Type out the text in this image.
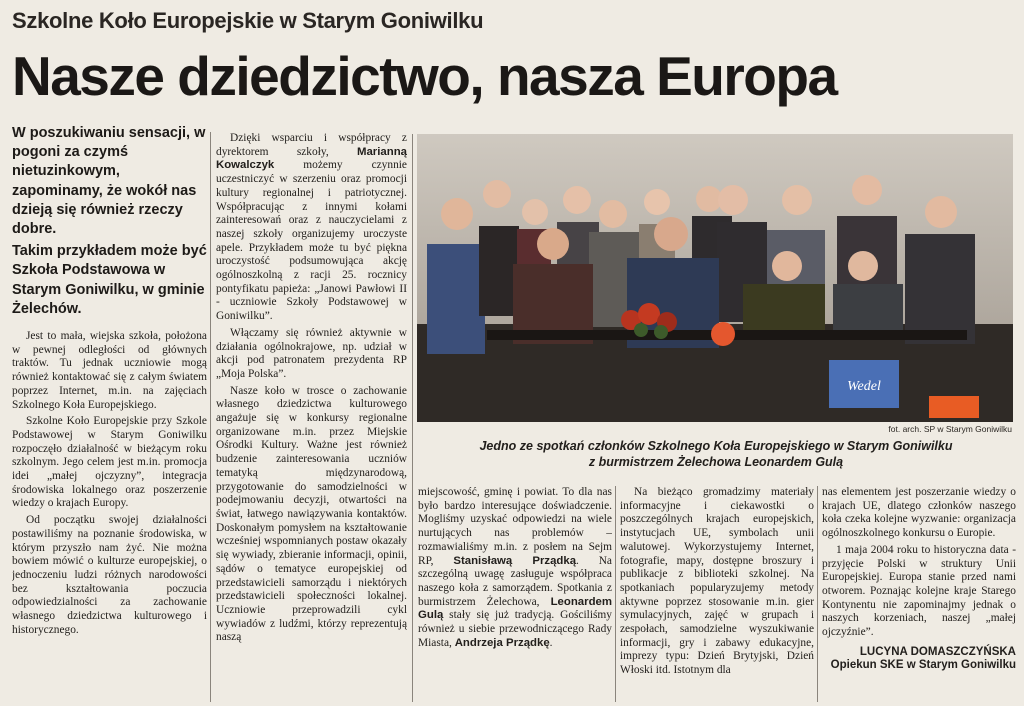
Szkolne Koło Europejskie w Starym Goniwilku
Nasze dziedzictwo, nasza Europa

W poszukiwaniu sensacji, w pogoni za czymś nietuzinkowym, zapominamy, że wokół nas dzieją się również rzeczy dobre.

Takim przykładem może być Szkoła Podstawowa w Starym Goniwilku, w gminie Żelechów.

Jest to mała, wiejska szkoła, położona w pewnej odległości od głównych traktów. Tu jednak uczniowie mogą również kontaktować się z całym światem poprzez Internet, m.in. na zajęciach Szkolnego Koła Europejskiego.

Szkolne Koło Europejskie przy Szkole Podstawowej w Starym Goniwilku rozpoczęło działalność w bieżącym roku szkolnym. Jego celem jest m.in. promocja idei „małej ojczyzny”, integracja środowiska lokalnego oraz poszerzenie wiedzy o krajach Europy.

Od początku swojej działalności postawiliśmy na poznanie środowiska, w którym przyszło nam żyć. Nie można bowiem mówić o kulturze europejskiej, o jednoczeniu ludzi różnych narodowości bez kształtowania poczucia odpowiedzialności za zachowanie własnego dziedzictwa kulturowego i historycznego.

Dzięki wsparciu i współpracy z dyrektorem szkoły, Marianną Kowalczyk możemy czynnie uczestniczyć w szerzeniu oraz promocji kultury regionalnej i patriotycznej. Współpracując z innymi kołami zainteresowań oraz z nauczycielami z naszej szkoły organizujemy uroczyste apele. Przykładem może tu być piękna uroczystość podsumowująca akcję ogólnoszkolną z racji 25. rocznicy pontyfikatu papieża: „Janowi Pawłowi II - uczniowie Szkoły Podstawowej w Goniwilku”.

Włączamy się również aktywnie w działania ogólnokrajowe, np. udział w akcji pod patronatem prezydenta RP „Moja Polska”.

Nasze koło w trosce o zachowanie własnego dziedzictwa kulturowego angażuje się w konkursy regionalne organizowane m.in. przez Miejskie Ośrodki Kultury. Ważne jest również budzenie zainteresowania uczniów tematyką międzynarodową, przygotowanie do samodzielności w podejmowaniu decyzji, otwartości na świat, łatwego nawiązywania kontaktów. Doskonałym pomysłem na kształtowanie wcześniej wspomnianych postaw okazały się wywiady, zbieranie informacji, opinii, sądów o tematyce europejskiej od przedstawicieli samorządu i niektórych przedstawicieli społeczności lokalnej. Uczniowie przeprowadzili cykl wywiadów z ludźmi, którzy reprezentują naszą

Wedel
fot. arch. SP w Starym Goniwilku
Jedno ze spotkań członków Szkolnego Koła Europejskiego w Starym Goniwilku
z burmistrzem Żelechowa Leonardem Gulą

miejscowość, gminę i powiat. To dla nas było bardzo interesujące doświadczenie. Mogliśmy uzyskać odpowiedzi na wiele nurtujących nas problemów – rozmawialiśmy m.in. z posłem na Sejm RP, Stanisławą Prządką. Na szczególną uwagę zasługuje współpraca naszego koła z samorządem. Spotkania z burmistrzem Żelechowa, Leonardem Gulą stały się już tradycją. Gościliśmy również u siebie przewodniczącego Rady Miasta, Andrzeja Prządkę.

Na bieżąco gromadzimy materiały informacyjne i ciekawostki o poszczególnych krajach europejskich, instytucjach UE, symbolach unii walutowej. Wykorzystujemy Internet, fotografie, mapy, dostępne broszury i publikacje z biblioteki szkolnej. Na spotkaniach popularyzujemy metody aktywne poprzez stosowanie m.in. gier symulacyjnych, zajęć w grupach i zespołach, samodzielne wyszukiwanie informacji, gry i zabawy edukacyjne, imprezy typu: Dzień Brytyjski, Dzień Włoski itd. Istotnym dla

nas elementem jest poszerzanie wiedzy o krajach UE, dlatego członków naszego koła czeka kolejne wyzwanie: organizacja ogólnoszkolnego konkursu o Europie.

1 maja 2004 roku to historyczna data - przyjęcie Polski w struktury Unii Europejskiej. Europa stanie przed nami otworem. Poznając kolejne kraje Starego Kontynentu nie zapominajmy jednak o naszych korzeniach, naszej „małej ojczyźnie”.

LUCYNA DOMASZCZYŃSKA
Opiekun SKE w Starym Goniwilku
